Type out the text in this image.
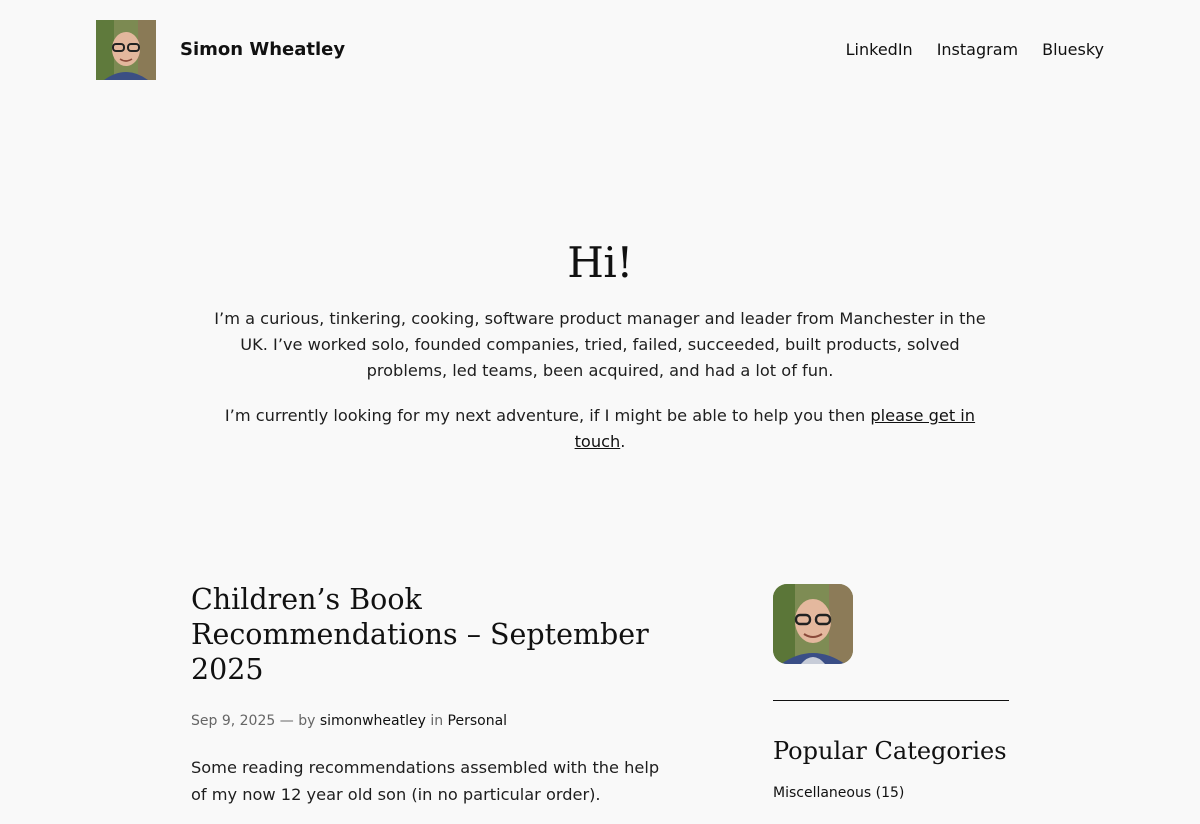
Simon Wheatley	LinkedIn Instagram Bluesky
Hi!

I’m a curious, tinkering, cooking, software product manager and leader from Manchester in the UK. I’ve worked solo, founded companies, tried, failed, succeeded, built products, solved problems, led teams, been acquired, and had a lot of fun.

I’m currently looking for my next adventure, if I might be able to help you then please get in touch.

Children’s Book Recommendations – September 2025
Sep 9, 2025 — by simonwheatley in Personal

Some reading recommendations assembled with the help of my now 12 year old son (in no particular order).

Popular Categories
Miscellaneous (15)
